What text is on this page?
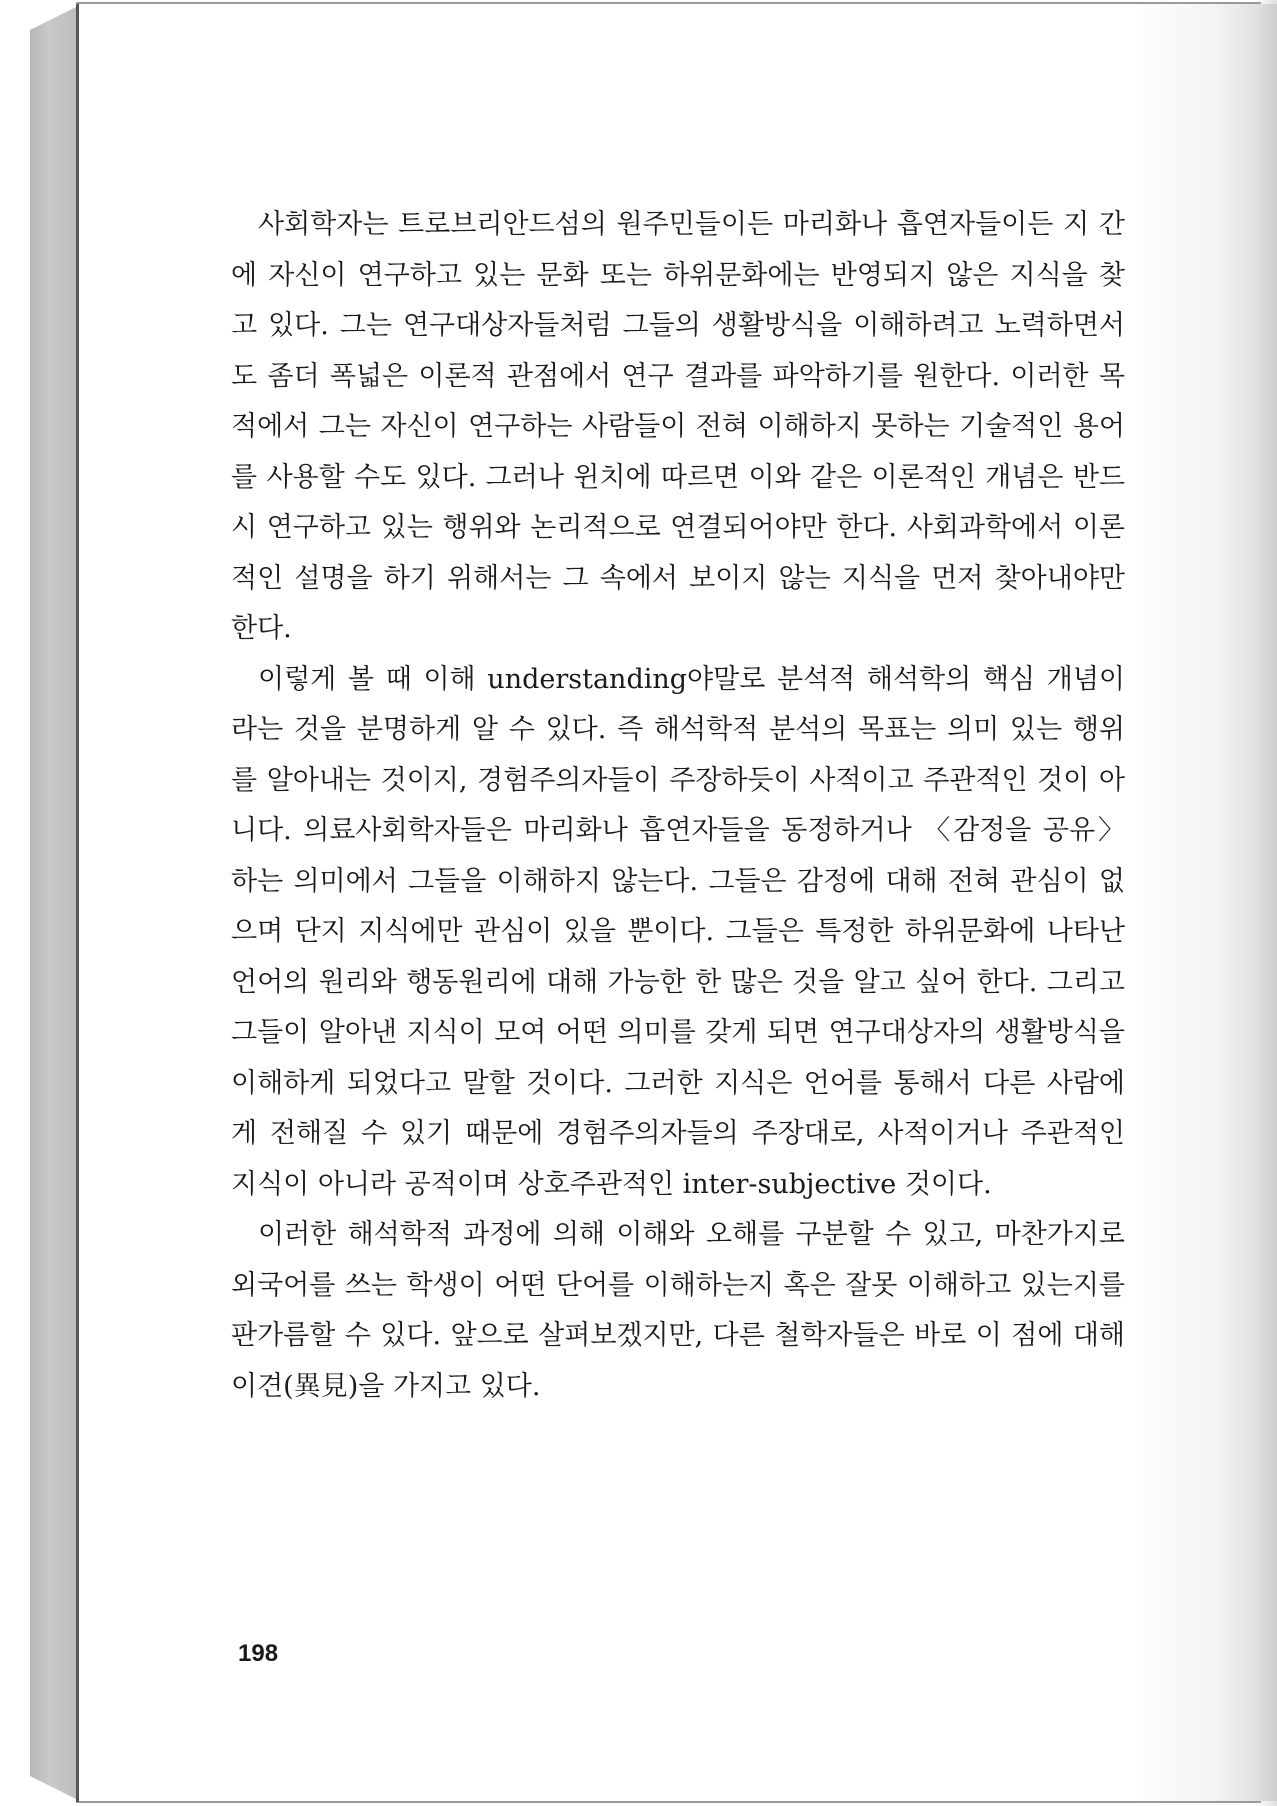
사회학자는 트로브리안드섬의 원주민들이든 마리화나 흡연자들이든 지 간에 자신이 연구하고 있는 문화 또는 하위문화에는 반영되지 않은 지식을 찾고 있다. 그는 연구대상자들처럼 그들의 생활방식을 이해하려고 노력하면서도 좀더 폭넓은 이론적 관점에서 연구 결과를 파악하기를 원한다. 이러한 목적에서 그는 자신이 연구하는 사람들이 전혀 이해하지 못하는 기술적인 용어를 사용할 수도 있다. 그러나 윈치에 따르면 이와 같은 이론적인 개념은 반드시 연구하고 있는 행위와 논리적으로 연결되어야만 한다. 사회과학에서 이론적인 설명을 하기 위해서는 그 속에서 보이지 않는 지식을 먼저 찾아내야만 한다.

이렇게 볼 때 이해 understanding야말로 분석적 해석학의 핵심 개념이라는 것을 분명하게 알 수 있다. 즉 해석학적 분석의 목표는 의미 있는 행위를 알아내는 것이지, 경험주의자들이 주장하듯이 사적이고 주관적인 것이 아니다. 의료사회학자들은 마리화나 흡연자들을 동정하거나 〈감정을 공유〉하는 의미에서 그들을 이해하지 않는다. 그들은 감정에 대해 전혀 관심이 없으며 단지 지식에만 관심이 있을 뿐이다. 그들은 특정한 하위문화에 나타난 언어의 원리와 행동원리에 대해 가능한 한 많은 것을 알고 싶어 한다. 그리고 그들이 알아낸 지식이 모여 어떤 의미를 갖게 되면 연구대상자의 생활방식을 이해하게 되었다고 말할 것이다. 그러한 지식은 언어를 통해서 다른 사람에게 전해질 수 있기 때문에 경험주의자들의 주장대로, 사적이거나 주관적인 지식이 아니라 공적이며 상호주관적인 inter-subjective 것이다.

이러한 해석학적 과정에 의해 이해와 오해를 구분할 수 있고, 마찬가지로 외국어를 쓰는 학생이 어떤 단어를 이해하는지 혹은 잘못 이해하고 있는지를 판가름할 수 있다. 앞으로 살펴보겠지만, 다른 철학자들은 바로 이 점에 대해 이견(異見)을 가지고 있다.

198
